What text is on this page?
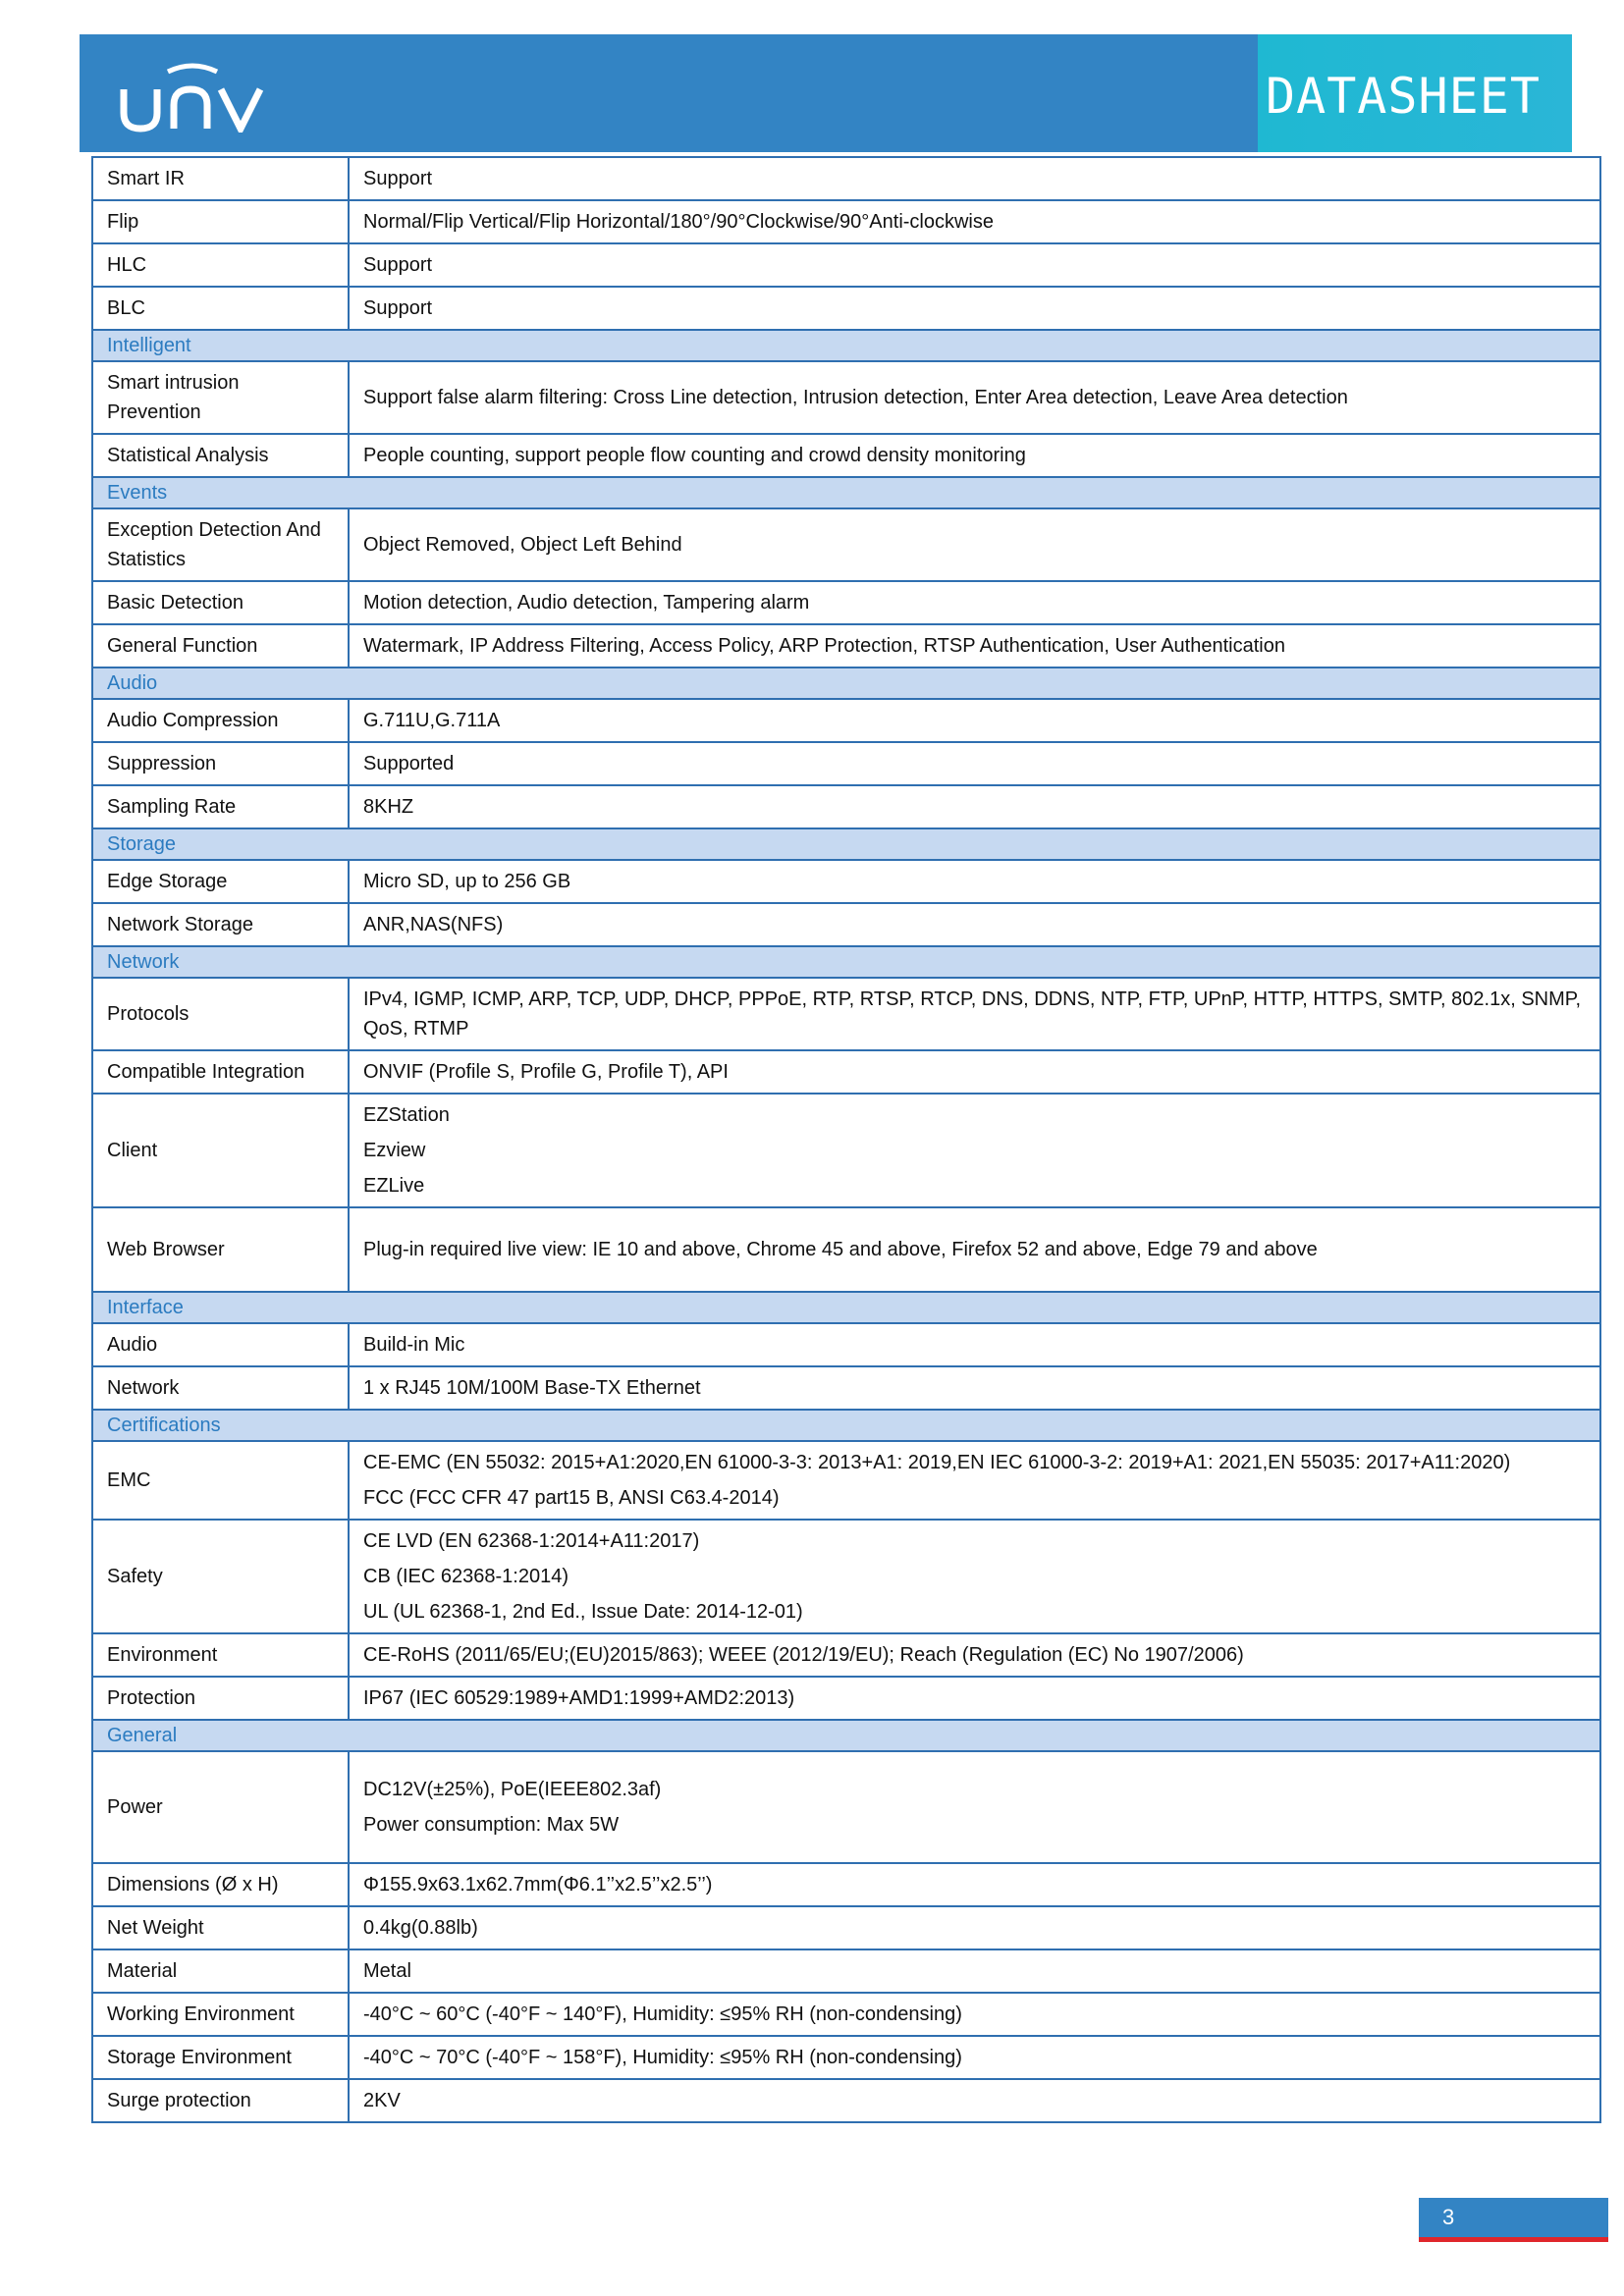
DATASHEET
Smart IR	Support

Flip	Normal/Flip Vertical/Flip Horizontal/180°/90°Clockwise/90°Anti-clockwise

HLC	Support

BLC	Support

Intelligent	
Smart intrusion Prevention	Support false alarm filtering: Cross Line detection, Intrusion detection, Enter Area detection, Leave Area detection

Statistical Analysis	People counting, support people flow counting and crowd density monitoring

Events	
Exception Detection And Statistics	Object Removed, Object Left Behind

Basic Detection	Motion detection, Audio detection, Tampering alarm

General Function	Watermark, IP Address Filtering, Access Policy, ARP Protection, RTSP Authentication, User Authentication

Audio	
Audio Compression	G.711U,G.711A

Suppression	Supported

Sampling Rate	8KHZ

Storage	
Edge Storage	Micro SD, up to 256 GB

Network Storage	ANR,NAS(NFS)

Network	
Protocols	IPv4, IGMP, ICMP, ARP, TCP, UDP, DHCP, PPPoE, RTP, RTSP, RTCP, DNS, DDNS, NTP, FTP, UPnP, HTTP, HTTPS, SMTP, 802.1x, SNMP, QoS, RTMP

Compatible Integration	ONVIF (Profile S, Profile G, Profile T), API

Client	EZStation
Ezview
EZLive

Web Browser	Plug-in required live view: IE 10 and above, Chrome 45 and above, Firefox 52 and above, Edge 79 and above

Interface	
Audio	Build-in Mic

Network	1 x RJ45 10M/100M Base-TX Ethernet

Certifications	
EMC	CE-EMC (EN 55032: 2015+A1:2020,EN 61000-3-3: 2013+A1: 2019,EN IEC 61000-3-2: 2019+A1: 2021,EN 55035: 2017+A11:2020)
FCC (FCC CFR 47 part15 B, ANSI C63.4-2014)

Safety	CE LVD (EN 62368-1:2014+A11:2017)
CB (IEC 62368-1:2014)
UL (UL 62368-1, 2nd Ed., Issue Date: 2014-12-01)

Environment	CE-RoHS (2011/65/EU;(EU)2015/863); WEEE (2012/19/EU); Reach (Regulation (EC) No 1907/2006)

Protection	IP67 (IEC 60529:1989+AMD1:1999+AMD2:2013)

General	
Power	DC12V(±25%), PoE(IEEE802.3af)
Power consumption: Max 5W

Dimensions (Ø x H)	Φ155.9x63.1x62.7mm(Φ6.1’’x2.5’’x2.5’’)

Net Weight	0.4kg(0.88lb)

Material	Metal

Working Environment	-40°C ~ 60°C (-40°F ~ 140°F), Humidity: ≤95% RH (non-condensing)

Storage Environment	-40°C ~ 70°C (-40°F ~ 158°F), Humidity: ≤95% RH (non-condensing)

Surge protection	2KV
3
